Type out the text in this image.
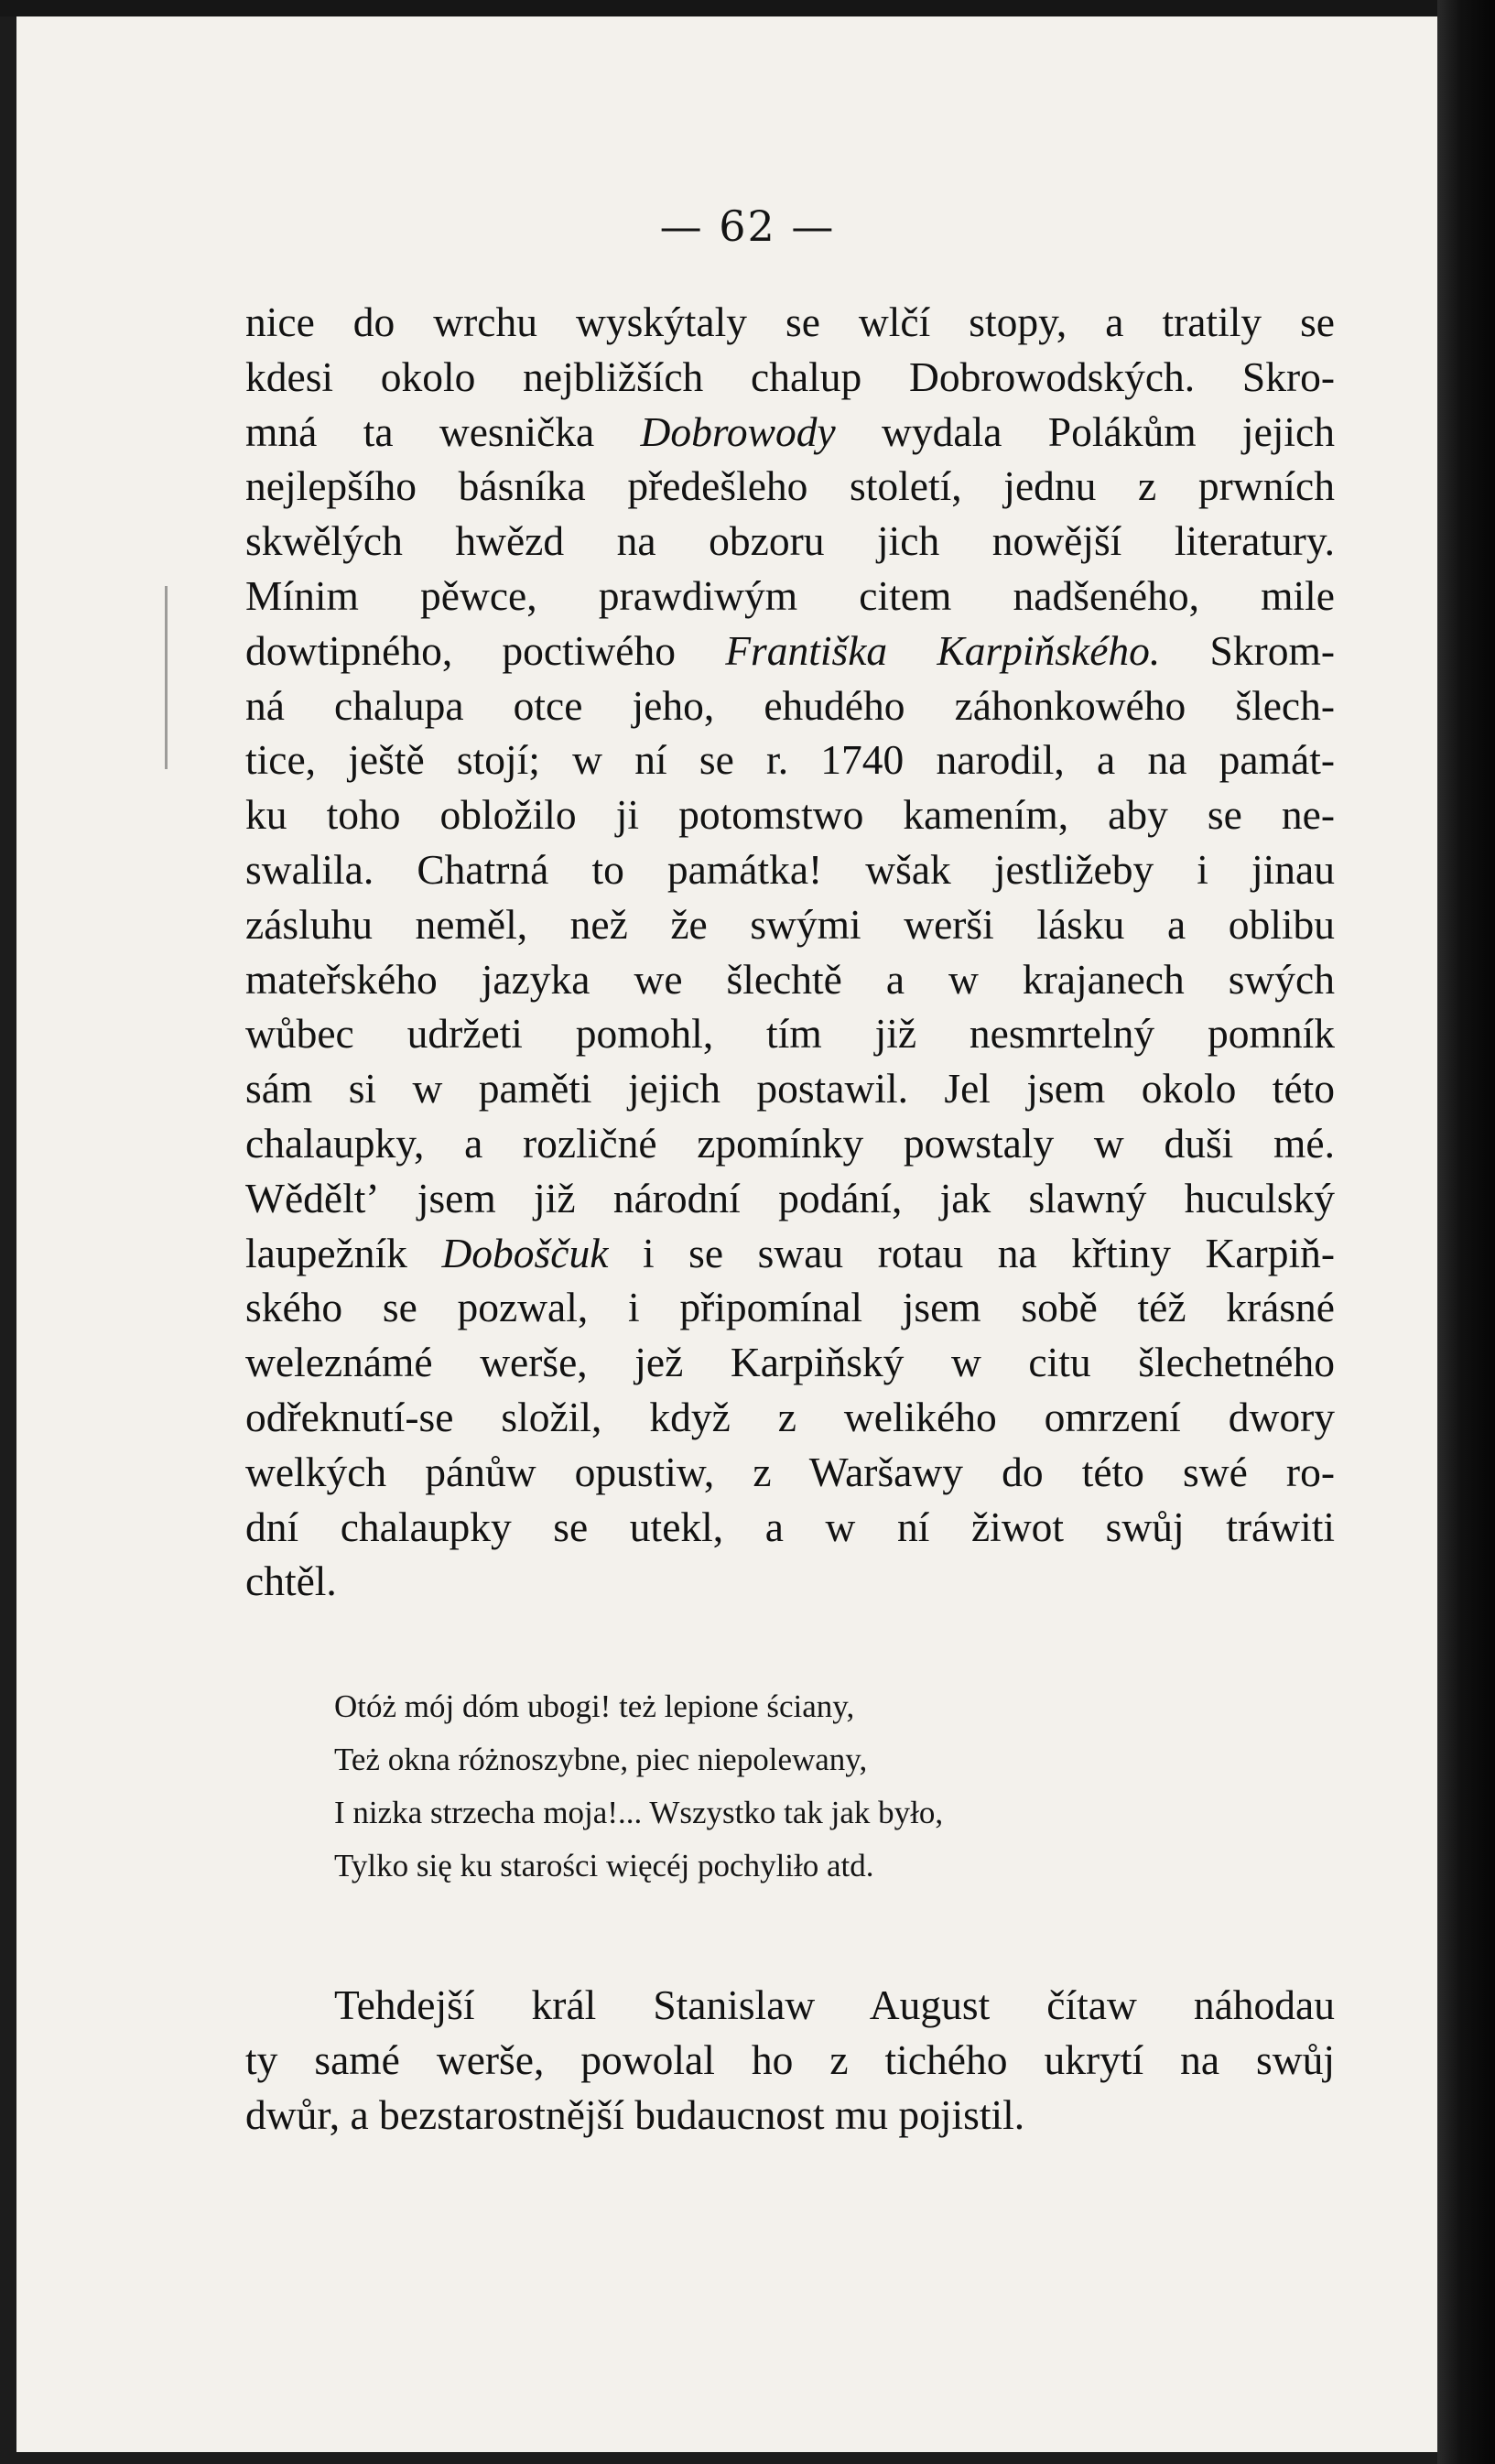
— 62 —
nice do wrchu wyskýtaly se wlčí stopy, a tratily se
kdesi okolo nejbližších chalup Dobrowodských. Skro-
mná ta wesnička Dobrowody wydala Polákům jejich
nejlepšího básníka předešleho století, jednu z prwních
skwělých hwězd na obzoru jich nowější literatury.
Mínim pěwce, prawdiwým citem nadšeného, mile
dowtipného, poctiwého Františka Karpiňského. Skrom-
ná chalupa otce jeho, ehudého záhonkowého šlech-
tice, ještě stojí; w ní se r. 1740 narodil, a na památ-
ku toho obložilo ji potomstwo kamením, aby se ne-
swalila. Chatrná to památka! wšak jestližeby i jinau
zásluhu neměl, než že swými werši lásku a oblibu
mateřského jazyka we šlechtě a w krajanech swých
wůbec udržeti pomohl, tím již nesmrtelný pomník
sám si w paměti jejich postawil. Jel jsem okolo této
chalaupky, a rozličné zpomínky powstaly w duši mé.
Wěděltʼ jsem již národní podání, jak slawný huculský
laupežník Doboščuk i se swau rotau na křtiny Karpiň-
ského se pozwal, i připomínal jsem sobě též krásné
weleznámé werše, jež Karpiňský w citu šlechetného
odřeknutí-se složil, když z welikého omrzení dwory
welkých pánůw opustiw, z Waršawy do této swé ro-
dní chalaupky se utekl, a w ní žiwot swůj tráwiti
chtěl.
Otóż mój dóm ubogi! też lepione ściany,
Też okna różnoszybne, piec niepolewany,
I nizka strzecha moja!... Wszystko tak jak było,
Tylko się ku starości więcéj pochyliło atd.
Tehdejší král Stanislaw August čítaw náhodau
ty samé werše, powolal ho z tichého ukrytí na swůj
dwůr, a bezstarostnější budaucnost mu pojistil.
